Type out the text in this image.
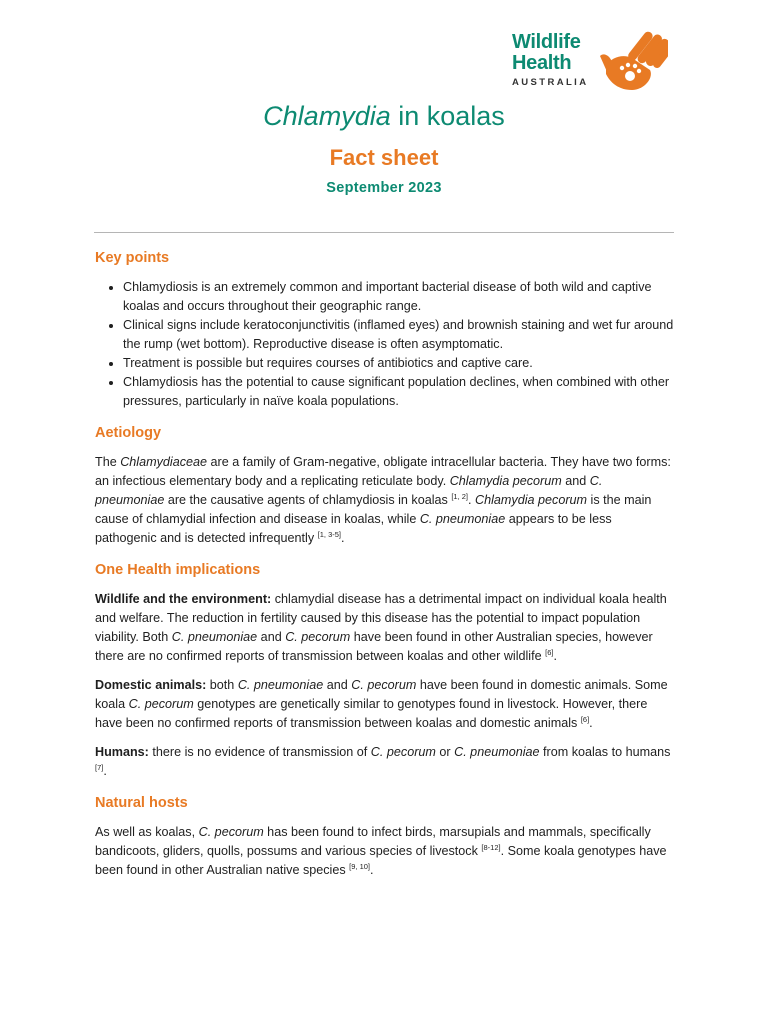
Wildlife
Health
AUSTRALIA
Chlamydia in koalas
Fact sheet
September 2023
Key points
• Chlamydiosis is an extremely common and important bacterial disease of both wild and captive koalas and occurs throughout their geographic range.
• Clinical signs include keratoconjunctivitis (inflamed eyes) and brownish staining and wet fur around the rump (wet bottom). Reproductive disease is often asymptomatic.
• Treatment is possible but requires courses of antibiotics and captive care.
• Chlamydiosis has the potential to cause significant population declines, when combined with other pressures, particularly in naïve koala populations.
Aetiology

The Chlamydiaceae are a family of Gram-negative, obligate intracellular bacteria. They have two forms: an infectious elementary body and a replicating reticulate body. Chlamydia pecorum and C. pneumoniae are the causative agents of chlamydiosis in koalas [1, 2]. Chlamydia pecorum is the main cause of chlamydial infection and disease in koalas, while C. pneumoniae appears to be less pathogenic and is detected infrequently [1, 3-5].

One Health implications

Wildlife and the environment: chlamydial disease has a detrimental impact on individual koala health and welfare. The reduction in fertility caused by this disease has the potential to impact population viability. Both C. pneumoniae and C. pecorum have been found in other Australian species, however there are no confirmed reports of transmission between koalas and other wildlife [6].

Domestic animals: both C. pneumoniae and C. pecorum have been found in domestic animals. Some koala C. pecorum genotypes are genetically similar to genotypes found in livestock. However, there have been no confirmed reports of transmission between koalas and domestic animals [6].

Humans: there is no evidence of transmission of C. pecorum or C. pneumoniae from koalas to humans [7].

Natural hosts

As well as koalas, C. pecorum has been found to infect birds, marsupials and mammals, specifically bandicoots, gliders, quolls, possums and various species of livestock [8-12]. Some koala genotypes have been found in other Australian native species [9, 10].
